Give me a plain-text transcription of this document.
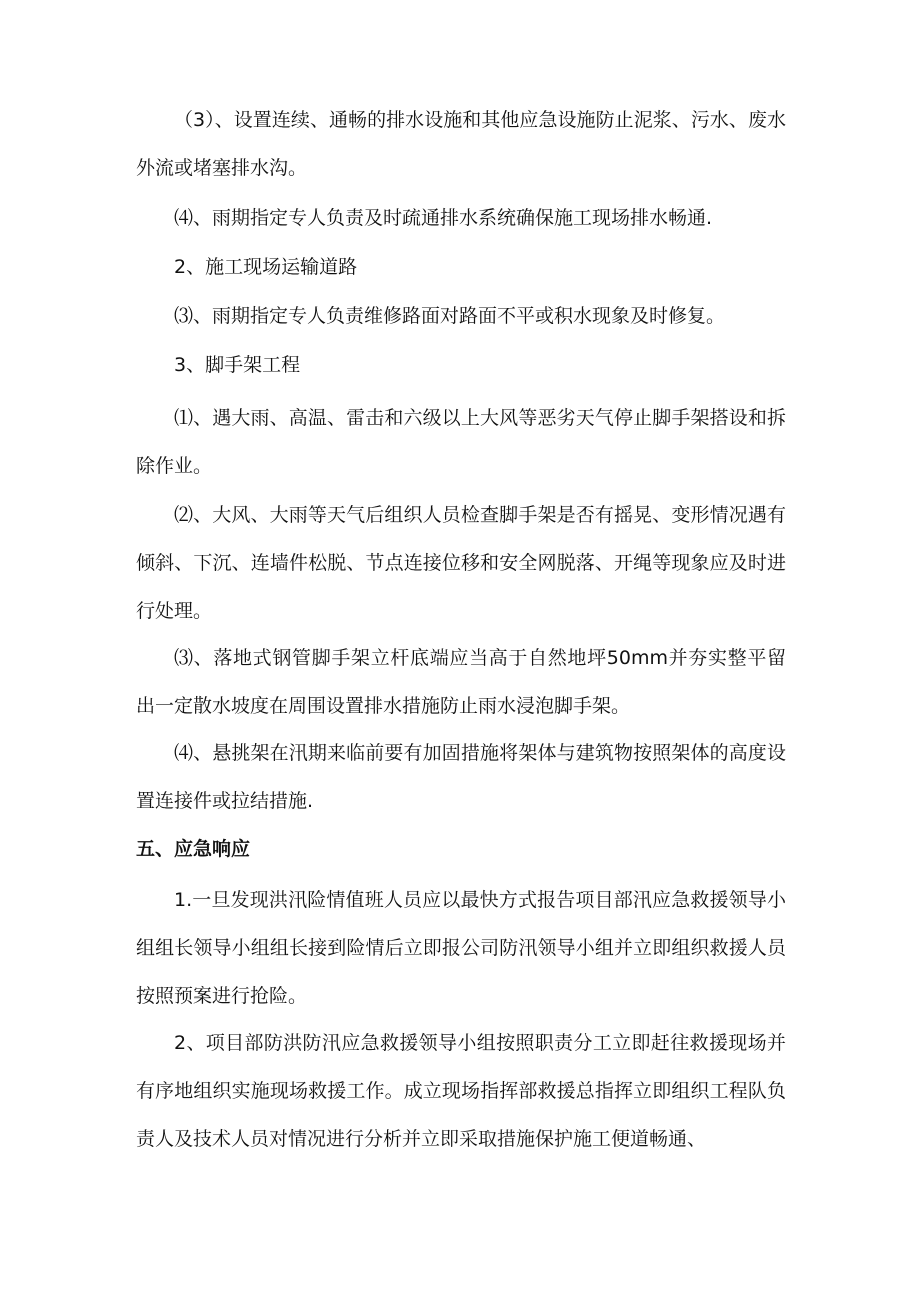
（3）、设置连续、通畅的排水设施和其他应急设施防止泥浆、污水、废水外流或堵塞排水沟。

⑷、雨期指定专人负责及时疏通排水系统确保施工现场排水畅通.

2、施工现场运输道路

⑶、雨期指定专人负责维修路面对路面不平或积水现象及时修复。

3、脚手架工程

⑴、遇大雨、高温、雷击和六级以上大风等恶劣天气停止脚手架搭设和拆除作业。

⑵、大风、大雨等天气后组织人员检查脚手架是否有摇晃、变形情况遇有倾斜、下沉、连墙件松脱、节点连接位移和安全网脱落、开绳等现象应及时进行处理。

⑶、落地式钢管脚手架立杆底端应当高于自然地坪50mm并夯实整平留出一定散水坡度在周围设置排水措施防止雨水浸泡脚手架。

⑷、悬挑架在汛期来临前要有加固措施将架体与建筑物按照架体的高度设置连接件或拉结措施.

五、应急响应

1.一旦发现洪汛险情值班人员应以最快方式报告项目部汛应急救援领导小组组长领导小组组长接到险情后立即报公司防汛领导小组并立即组织救援人员按照预案进行抢险。

2、项目部防洪防汛应急救援领导小组按照职责分工立即赶往救援现场并有序地组织实施现场救援工作。成立现场指挥部救援总指挥立即组织工程队负责人及技术人员对情况进行分析并立即采取措施保护施工便道畅通、
